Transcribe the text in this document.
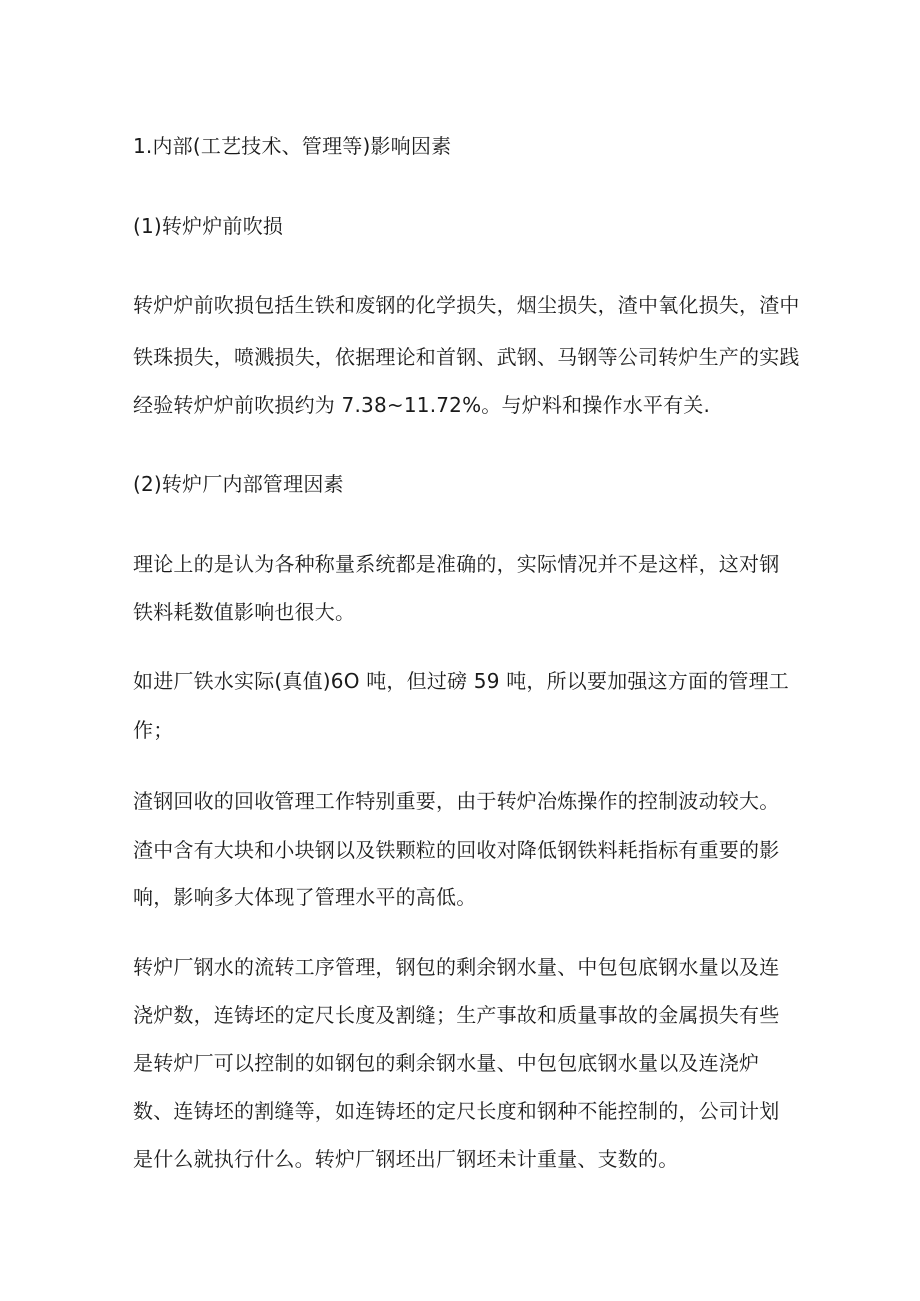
1.内部(工艺技术、管理等)影响因素
(1)转炉炉前吹损
转炉炉前吹损包括生铁和废钢的化学损失，烟尘损失，渣中氧化损失，渣中
铁珠损失，喷溅损失，依据理论和首钢、武钢、马钢等公司转炉生产的实践
经验转炉炉前吹损约为 7.38~11.72%。与炉料和操作水平有关.
(2)转炉厂内部管理因素
理论上的是认为各种称量系统都是准确的，实际情况并不是这样，这对钢
铁料耗数值影响也很大。
如进厂铁水实际(真值)6O 吨，但过磅 59 吨，所以要加强这方面的管理工
作；
渣钢回收的回收管理工作特别重要，由于转炉冶炼操作的控制波动较大。
渣中含有大块和小块钢以及铁颗粒的回收对降低钢铁料耗指标有重要的影
响，影响多大体现了管理水平的高低。
转炉厂钢水的流转工序管理，钢包的剩余钢水量、中包包底钢水量以及连
浇炉数，连铸坯的定尺长度及割缝；生产事故和质量事故的金属损失有些
是转炉厂可以控制的如钢包的剩余钢水量、中包包底钢水量以及连浇炉
数、连铸坯的割缝等，如连铸坯的定尺长度和钢种不能控制的，公司计划
是什么就执行什么。转炉厂钢坯出厂钢坯未计重量、支数的。
